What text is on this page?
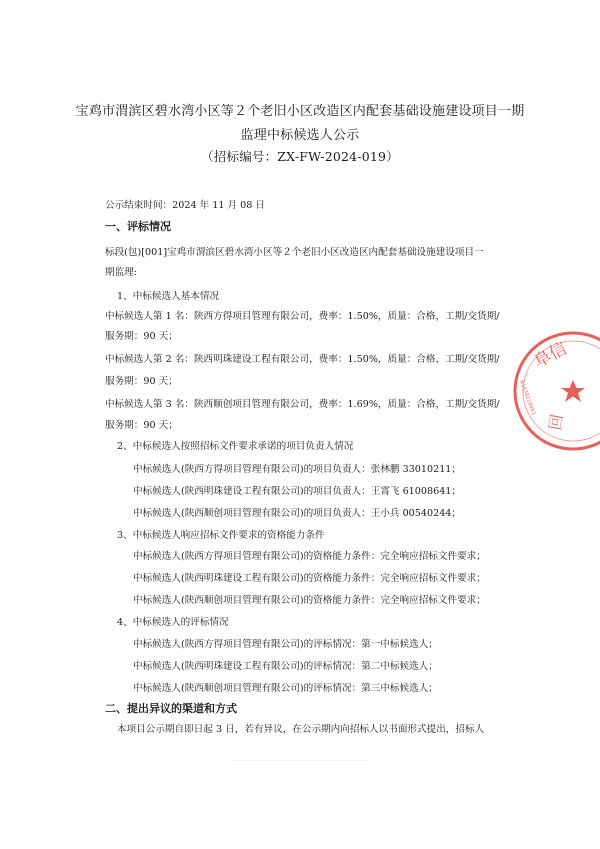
宝鸡市渭滨区碧水湾小区等２个老旧小区改造区内配套基础设施建设项目一期
监理中标候选人公示
（招标编号：ZX-FW-2024-019）
公示结束时间：2024 年 11 月 08 日
一、评标情况
标段(包)[001]宝鸡市渭滨区碧水湾小区等２个老旧小区改造区内配套基础设施建设项目一
期监理:
1、中标候选人基本情况
中标候选人第 1 名：陕西方得项目管理有限公司，费率：1.50%，质量：合格，工期/交货期/
服务期：90 天；
中标候选人第 2 名：陕西明珠建设工程有限公司，费率：1.50%，质量：合格，工期/交货期/
服务期：90 天；
中标候选人第 3 名：陕西顺创项目管理有限公司，费率：1.69%，质量：合格，工期/交货期/
服务期：90 天；
2、中标候选人按照招标文件要求承诺的项目负责人情况
中标候选人(陕西方得项目管理有限公司)的项目负责人：张林鹏 33010211；
中标候选人(陕西明珠建设工程有限公司)的项目负责人：王霄飞 61008641；
中标候选人(陕西顺创项目管理有限公司)的项目负责人：王小兵 00540244；
3、中标候选人响应招标文件要求的资格能力条件
中标候选人(陕西方得项目管理有限公司)的资格能力条件：完全响应招标文件要求；
中标候选人(陕西明珠建设工程有限公司)的资格能力条件：完全响应招标文件要求；
中标候选人(陕西顺创项目管理有限公司)的资格能力条件：完全响应招标文件要求；
4、中标候选人的评标情况
中标候选人(陕西方得项目管理有限公司)的评标情况：第一中标候选人；
中标候选人(陕西明珠建设工程有限公司)的评标情况：第二中标候选人；
中标候选人(陕西顺创项目管理有限公司)的评标情况：第三中标候选人；
二、提出异议的渠道和方式
本项目公示期自即日起 3 日，若有异议，在公示期内向招标人以书面形式提出，招标人
阜信
回
61030210001
